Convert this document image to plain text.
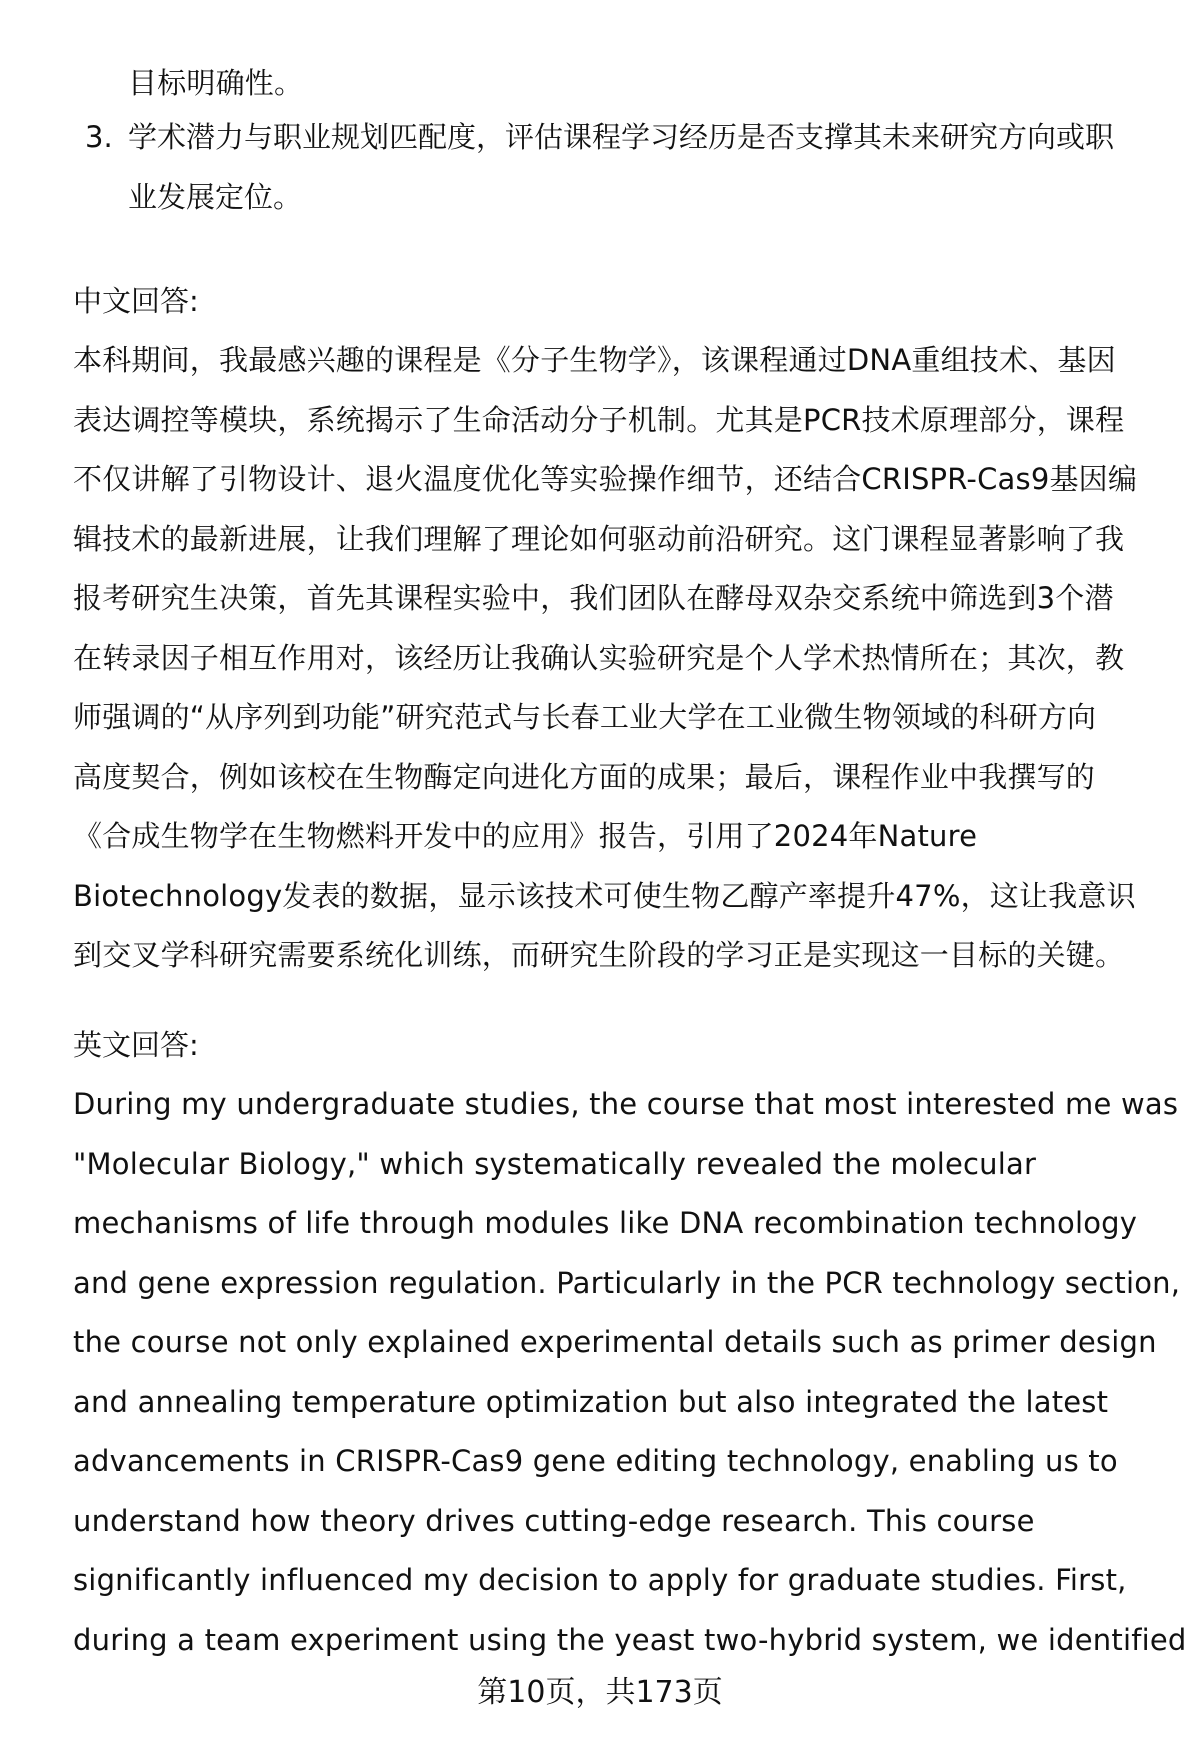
目标明确性。
3. 学术潜力与职业规划匹配度，评估课程学习经历是否支撑其未来研究方向或职
业发展定位。
中文回答:
本科期间，我最感兴趣的课程是《分子生物学》，该课程通过DNA重组技术、基因
表达调控等模块，系统揭示了生命活动分子机制。尤其是PCR技术原理部分，课程
不仅讲解了引物设计、退火温度优化等实验操作细节，还结合CRISPR-Cas9基因编
辑技术的最新进展，让我们理解了理论如何驱动前沿研究。这门课程显著影响了我
报考研究生决策，首先其课程实验中，我们团队在酵母双杂交系统中筛选到3个潜
在转录因子相互作用对，该经历让我确认实验研究是个人学术热情所在；其次，教
师强调的“从序列到功能”研究范式与长春工业大学在工业微生物领域的科研方向
高度契合，例如该校在生物酶定向进化方面的成果；最后，课程作业中我撰写的
《合成生物学在生物燃料开发中的应用》报告，引用了2024年Nature
Biotechnology发表的数据，显示该技术可使生物乙醇产率提升47%，这让我意识
到交叉学科研究需要系统化训练，而研究生阶段的学习正是实现这一目标的关键。
英文回答:
During my undergraduate studies, the course that most interested me was
"Molecular Biology," which systematically revealed the molecular
mechanisms of life through modules like DNA recombination technology
and gene expression regulation. Particularly in the PCR technology section,
the course not only explained experimental details such as primer design
and annealing temperature optimization but also integrated the latest
advancements in CRISPR-Cas9 gene editing technology, enabling us to
understand how theory drives cutting-edge research. This course
significantly influenced my decision to apply for graduate studies. First,
during a team experiment using the yeast two-hybrid system, we identified
第10页，共173页
